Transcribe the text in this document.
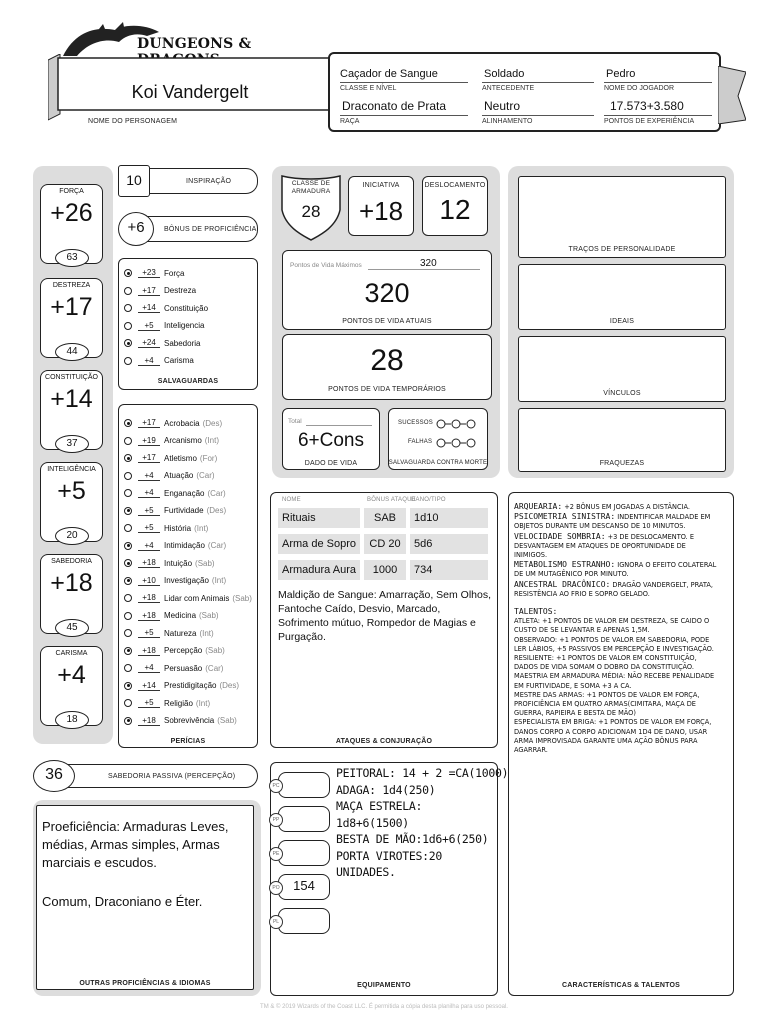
DUNGEONS &
Koi Vandergelt
NOME DO PERSONAGEM
Caçador de Sangue
CLASSE E NÍVEL
Soldado
ANTECEDENTE
Pedro
NOME DO JOGADOR
Draconato de Prata
RAÇA
Neutro
ALINHAMENTO
17.573+3.580
PONTOS DE EXPERIÊNCIA
FORÇA
+26
63
DESTREZA
+17
44
CONSTITUIÇÃO
+14
37
INTELIGÊNCIA
+5
20
SABEDORIA
+18
45
CARISMA
+4
18
10	INSPIRAÇÃO
+6	BÔNUS DE PROFICIÊNCIA
+23	Força
+17	Destreza
+14	Constituição
+5	Inteligencia
+24	Sabedoria
+4	Carisma
SALVAGUARDAS
+17	Acrobacia (Des)
+19	Arcanismo (Int)
+17	Atletismo (For)
+4	Atuação (Car)
+4	Enganação (Car)
+5	Furtividade (Des)
+5	História (Int)
+4	Intimidação (Car)
+18	Intuição (Sab)
+10	Investigação (Int)
+18	Lidar com Animais (Sab)
+18	Medicina (Sab)
+5	Natureza (Int)
+18	Percepção (Sab)
+4	Persuasão (Car)
+14	Prestidigitação (Des)
+5	Religião (Int)
+18	Sobrevivência (Sab)
PERÍCIAS
36	SABEDORIA PASSIVA (PERCEPÇÃO)
Proeficiência: Armaduras Leves, médias, Armas simples, Armas marciais e escudos.
Comum, Draconiano e Éter.
OUTRAS PROFICIÊNCIAS & IDIOMAS
CLASSE DE ARMADURA
28
INICIATIVA
+18
DESLOCAMENTO
12
Pontos de Vida Máximos	320
320
PONTOS DE VIDA ATUAIS
28
PONTOS DE VIDA TEMPORÁRIOS
Total
6+Cons
DADO DE VIDA
SUCESSOS
FALHAS
SALVAGUARDA CONTRA MORTE
TRAÇOS DE PERSONALIDADE
IDEAIS
VÍNCULOS
FRAQUEZAS
NOME	BÔNUS ATAQUE
DANO/TIPO
Rituais	SAB	1d10
Arma de Sopro	CD 20	5d6
Armadura Aura	1000	734
Maldição de Sangue: Amarração, Sem Olhos, Fantoche Caído, Desvio, Marcado, Sofrimento mútuo, Rompedor de Magias e Purgação.
ATAQUES & CONJURAÇÃO
PC
PP
PE
PO	154
PL
PEITORAL: 14 + 2 =CA(1000)
ADAGA: 1d4(250)
MAÇA ESTRELA:
1d8+6(1500)
BESTA DE MÃO:1d6+6(250)
PORTA VIROTES:20
UNIDADES.
EQUIPAMENTO
ARQUEARIA: +2 BÔNUS EM JOGADAS A DISTÂNCIA.
PSICOMETRIA SINISTRA: INDENTIFICAR MALDADE EM OBJETOS DURANTE UM DESCANSO DE 10 MINUTOS.
VELOCIDADE SOMBRIA: +3 DE DESLOCAMENTO. E DESVANTAGEM EM ATAQUES DE OPORTUNIDADE DE INIMIGOS.
METABOLISMO ESTRANHO: IGNORA O EFEITO COLATERAL DE UM MUTAGÊNICO POR MINUTO.
ANCESTRAL DRACÔNICO: DRAGÃO VANDERGELT, PRATA, RESISTÊNCIA AO FRIO E SOPRO GELADO.
TALENTOS:
ATLETA: +1 PONTOS DE VALOR EM DESTREZA, SE CAIDO O CUSTO DE SE LEVANTAR E APENAS 1,5M.
OBSERVADO: +1 PONTOS DE VALOR EM SABEDORIA, PODE LER LÁBIOS, +5 PASSIVOS EM PERCEPÇÃO E INVESTIGAÇÃO.
RESILIENTE: +1 PONTOS DE VALOR EM CONSTITUIÇÃO, DADOS DE VIDA SOMAM O DOBRO DA CONSTITUIÇÃO.
MAESTRIA EM ARMADURA MÉDIA: NÃO RECEBE PENALIDADE EM FURTIVIDADE, E SOMA +3 A CA.
MESTRE DAS ARMAS: +1 PONTOS DE VALOR EM FORÇA, PROFICIÊNCIA EM QUATRO ARMAS(CIMITARA, MAÇA DE GUERRA, RAPIEIRA E BESTA DE MÃO)
ESPECIALISTA EM BRIGA: +1 PONTOS DE VALOR EM FORÇA, DANOS CORPO A CORPO ADICIONAM 1D4 DE DANO, USAR ARMA IMPROVISADA GARANTE UMA AÇÃO BÔNUS PARA AGARRAR.
CARACTERÍSTICAS & TALENTOS
TM & © 2019 Wizards of the Coast LLC. É permitida a cópia desta planilha para uso pessoal.
